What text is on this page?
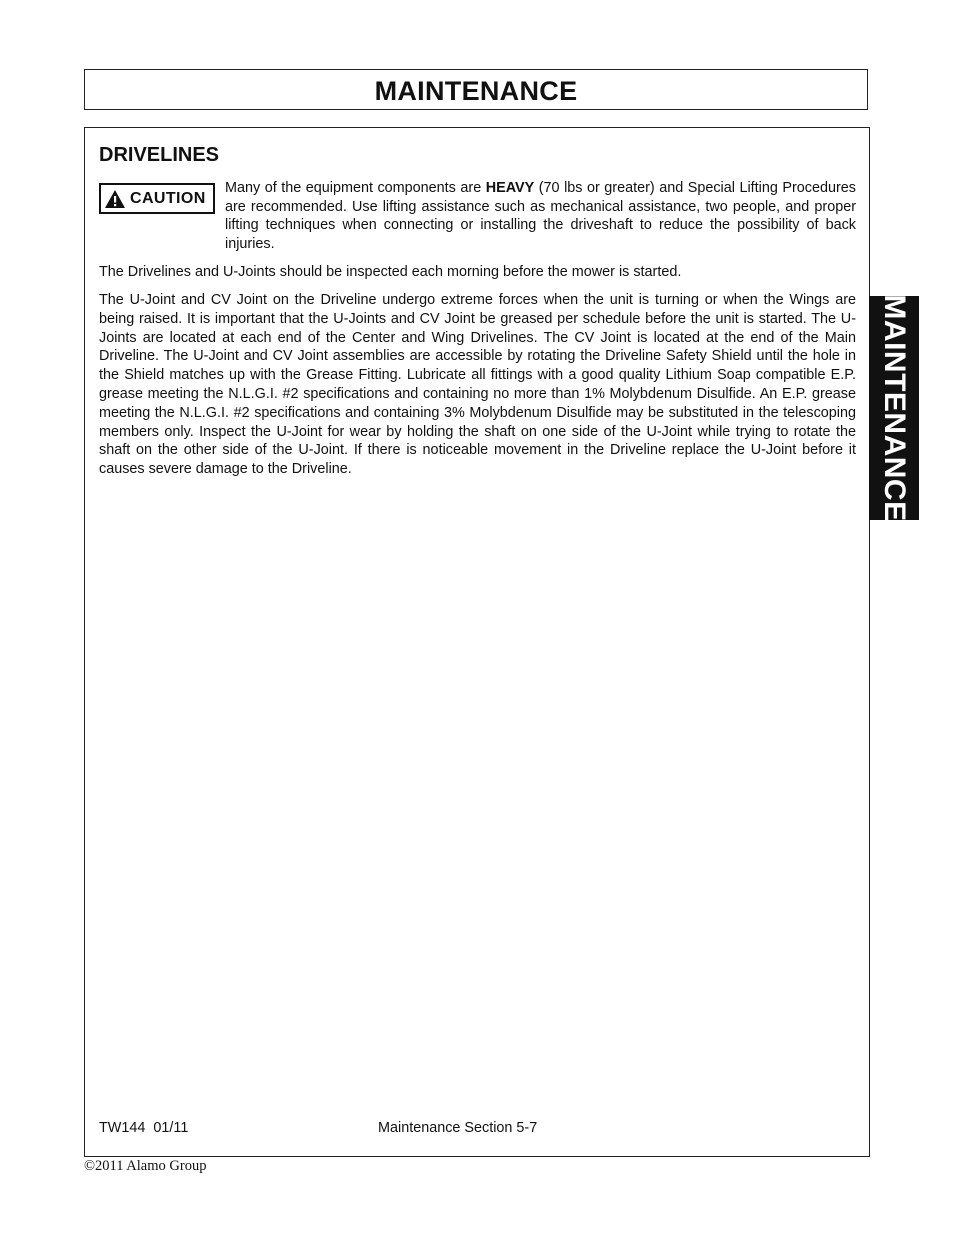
MAINTENANCE
DRIVELINES
CAUTION
Many of the equipment components are HEAVY (70 lbs or greater) and Special Lifting Procedures are recommended. Use lifting assistance such as mechanical assistance, two people, and proper lifting techniques when connecting or installing the driveshaft to reduce the possibility of back injuries.
The Drivelines and U-Joints should be inspected each morning before the mower is started.
The U-Joint and CV Joint on the Driveline undergo extreme forces when the unit is turning or when the Wings are being raised. It is important that the U-Joints and CV Joint be greased per schedule before the unit is started. The U-Joints are located at each end of the Center and Wing Drivelines. The CV Joint is located at the end of the Main Driveline. The U-Joint and CV Joint assemblies are accessible by rotating the Driveline Safety Shield until the hole in the Shield matches up with the Grease Fitting. Lubricate all fittings with a good quality Lithium Soap compatible E.P. grease meeting the N.L.G.I. #2 specifications and containing no more than 1% Molybdenum Disulfide. An E.P. grease meeting the N.L.G.I. #2 specifications and containing 3% Molybdenum Disulfide may be substituted in the telescoping members only. Inspect the U-Joint for wear by holding the shaft on one side of the U-Joint while trying to rotate the shaft on the other side of the U-Joint. If there is noticeable movement in the Driveline replace the U-Joint before it causes severe damage to the Driveline.
TW144  01/11	Maintenance Section 5-7
©2011 Alamo Group
MAINTENANCE
